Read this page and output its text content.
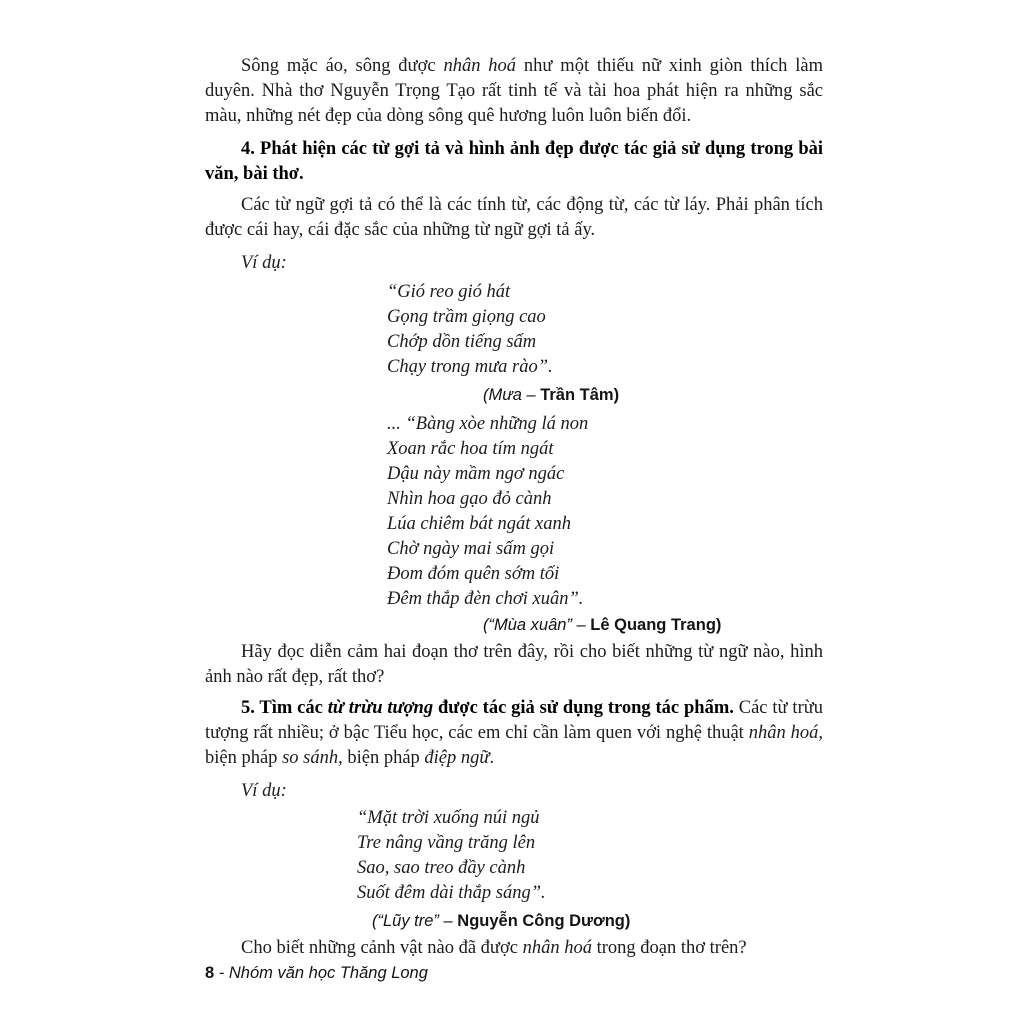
Sông mặc áo, sông được nhân hoá như một thiếu nữ xinh giòn thích làm duyên. Nhà thơ Nguyễn Trọng Tạo rất tinh tế và tài hoa phát hiện ra những sắc màu, những nét đẹp của dòng sông quê hương luôn luôn biến đổi.

4. Phát hiện các từ gợi tả và hình ảnh đẹp được tác giả sử dụng trong bài văn, bài thơ.

Các từ ngữ gợi tả có thể là các tính từ, các động từ, các từ láy. Phải phân tích được cái hay, cái đặc sắc của những từ ngữ gợi tả ấy.

Ví dụ:

“Gió reo gió hát
Gọng trầm giọng cao
Chớp dồn tiếng sấm
Chạy trong mưa rào”.
(Mưa – Trần Tâm)
... “Bàng xòe những lá non
Xoan rắc hoa tím ngát
Dậu này mầm ngơ ngác
Nhìn hoa gạo đỏ cành
Lúa chiêm bát ngát xanh
Chờ ngày mai sấm gọi
Đom đóm quên sớm tối
Đêm thắp đèn chơi xuân”.
(“Mùa xuân” – Lê Quang Trang)

Hãy đọc diễn cảm hai đoạn thơ trên đây, rồi cho biết những từ ngữ nào, hình ảnh nào rất đẹp, rất thơ?

5. Tìm các từ trừu tượng được tác giả sử dụng trong tác phẩm. Các từ trừu tượng rất nhiều; ở bậc Tiểu học, các em chỉ cần làm quen với nghệ thuật nhân hoá, biện pháp so sánh, biện pháp điệp ngữ.

Ví dụ:

“Mặt trời xuống núi ngủ
Tre nâng vầng trăng lên
Sao, sao treo đầy cành
Suốt đêm dài thắp sáng”.
(“Lũy tre” – Nguyễn Công Dương)

Cho biết những cảnh vật nào đã được nhân hoá trong đoạn thơ trên?

8 - Nhóm văn học Thăng Long
